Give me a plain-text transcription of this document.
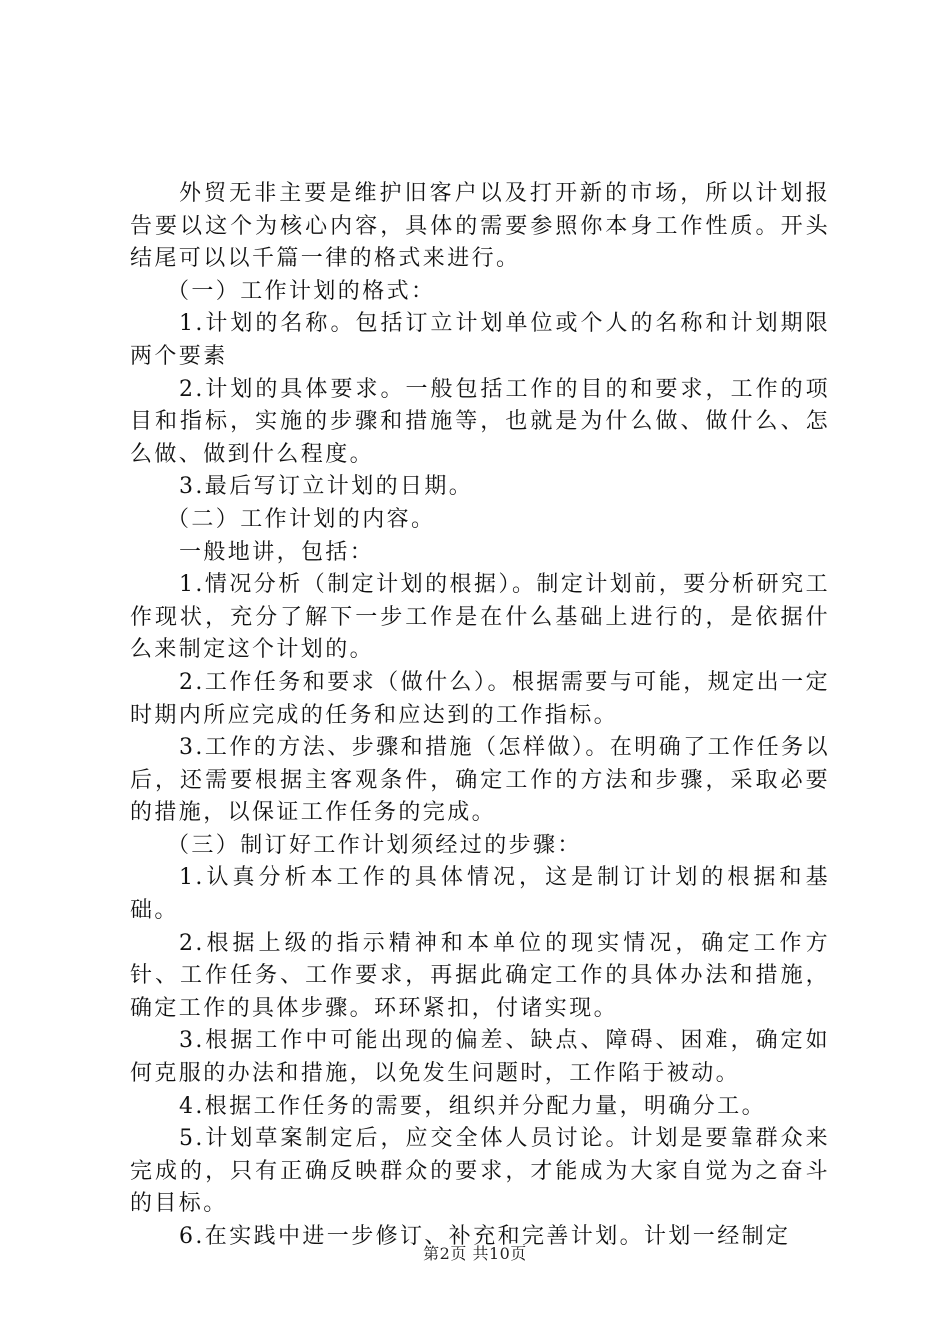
外贸无非主要是维护旧客户以及打开新的市场，所以计划报告要以这个为核心内容，具体的需要参照你本身工作性质。开头结尾可以以千篇一律的格式来进行。

（一）工作计划的格式：

1.计划的名称。包括订立计划单位或个人的名称和计划期限两个要素

2.计划的具体要求。一般包括工作的目的和要求，工作的项目和指标，实施的步骤和措施等，也就是为什么做、做什么、怎么做、做到什么程度。

3.最后写订立计划的日期。

（二）工作计划的内容。

一般地讲，包括：

1.情况分析（制定计划的根据）。制定计划前，要分析研究工作现状，充分了解下一步工作是在什么基础上进行的，是依据什么来制定这个计划的。

2.工作任务和要求（做什么）。根据需要与可能，规定出一定时期内所应完成的任务和应达到的工作指标。

3.工作的方法、步骤和措施（怎样做）。在明确了工作任务以后，还需要根据主客观条件，确定工作的方法和步骤，采取必要的措施，以保证工作任务的完成。

（三）制订好工作计划须经过的步骤：

1.认真分析本工作的具体情况，这是制订计划的根据和基础。

2.根据上级的指示精神和本单位的现实情况，确定工作方针、工作任务、工作要求，再据此确定工作的具体办法和措施，确定工作的具体步骤。环环紧扣，付诸实现。

3.根据工作中可能出现的偏差、缺点、障碍、困难，确定如何克服的办法和措施，以免发生问题时，工作陷于被动。

4.根据工作任务的需要，组织并分配力量，明确分工。

5.计划草案制定后，应交全体人员讨论。计划是要靠群众来完成的，只有正确反映群众的要求，才能成为大家自觉为之奋斗的目标。

6.在实践中进一步修订、补充和完善计划。计划一经制定

第2页 共10页
